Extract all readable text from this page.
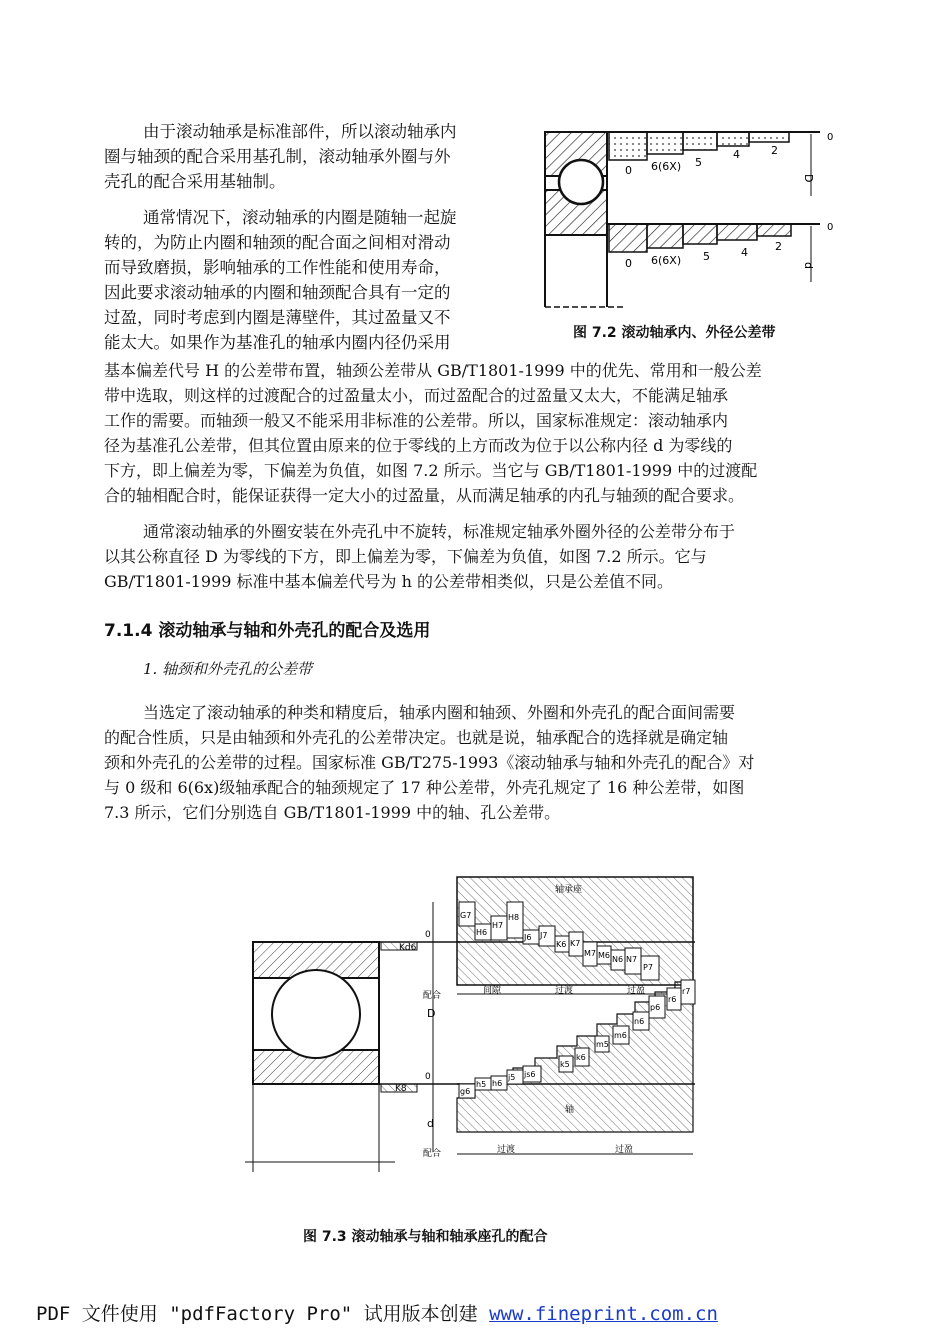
由于滚动轴承是标准部件，所以滚动轴承内
圈与轴颈的配合采用基孔制，滚动轴承外圈与外
壳孔的配合采用基轴制。
通常情况下，滚动轴承的内圈是随轴一起旋
转的，为防止内圈和轴颈的配合面之间相对滑动
而导致磨损，影响轴承的工作性能和使用寿命，
因此要求滚动轴承的内圈和轴颈配合具有一定的
过盈，同时考虑到内圈是薄壁件，其过盈量又不
能太大。如果作为基准孔的轴承内圈内径仍采用
基本偏差代号 H 的公差带布置，轴颈公差带从 GB/T1801-1999 中的优先、常用和一般公差
带中选取，则这样的过渡配合的过盈量太小，而过盈配合的过盈量又太大，不能满足轴承
工作的需要。而轴颈一般又不能采用非标准的公差带。所以，国家标准规定：滚动轴承内
径为基准孔公差带，但其位置由原来的位于零线的上方而改为位于以公称内径 d 为零线的
下方，即上偏差为零，下偏差为负值，如图 7.2 所示。当它与 GB/T1801-1999 中的过渡配
合的轴相配合时，能保证获得一定大小的过盈量，从而满足轴承的内孔与轴颈的配合要求。
通常滚动轴承的外圈安装在外壳孔中不旋转，标准规定轴承外圈外径的公差带分布于
以其公称直径 D 为零线的下方，即上偏差为零，下偏差为负值，如图 7.2 所示。它与
GB/T1801-1999 标准中基本偏差代号为 h 的公差带相类似，只是公差值不同。
7.1.4 滚动轴承与轴和外壳孔的配合及选用
1. 轴颈和外壳孔的公差带
当选定了滚动轴承的种类和精度后，轴承内圈和轴颈、外圈和外壳孔的配合面间需要
的配合性质，只是由轴颈和外壳孔的公差带决定。也就是说，轴承配合的选择就是确定轴
颈和外壳孔的公差带的过程。国家标准 GB/T275-1993《滚动轴承与轴和外壳孔的配合》对
与 0 级和 6(6x)级轴承配合的轴颈规定了 17 种公差带，外壳孔规定了 16 种公差带，如图
7.3 所示，它们分别选自 GB/T1801-1999 中的轴、孔公差带。
0 6(6X) 5
4	2
D
0
0 6(6X) 5	4 2
d
0
图 7.2 滚动轴承内、外径公差带
Kd6
K8
0
0
D
d
配合
配合
轴承座
G7
H6
H7
H8
J6 J7
K6 K7
M7 M6 N6 N7
P7
间隙	过渡	过盈
轴
g6
h5 h6
j5 js6
k5
k6
m5
m6
n6
p6
r6
r7
过渡	过盈
图 7.3 滚动轴承与轴和轴承座孔的配合
PDF 文件使用 "pdfFactory Pro" 试用版本创建 www.fineprint.com.cn
